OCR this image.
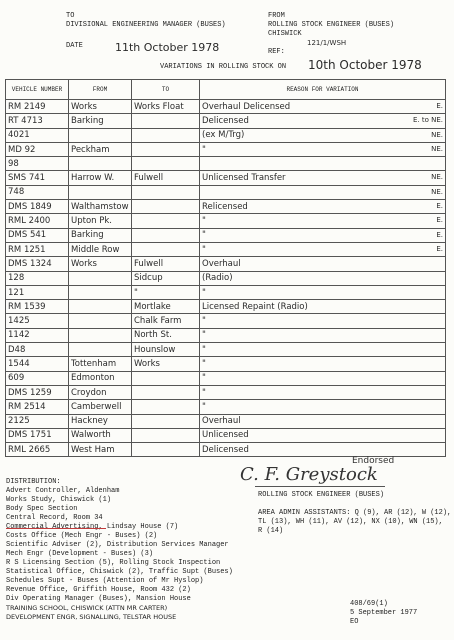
TO
DIVISIONAL ENGINEERING MANAGER (BUSES)
DATE	11th October 1978
FROM
ROLLING STOCK ENGINEER (BUSES)
CHISWICK
REF:
121/1/WSH
VARIATIONS IN ROLLING STOCK ON 10th October 1978
VEHICLE NUMBER	FROM	TO	REASON FOR VARIATION
RM 2149	Works	Works Float	Overhaul Delicensed E.

RT 4713	Barking		Delicensed E. to NE.

4021			(ex M/Trg) NE.

MD 92	Peckham		" NE.

98			
SMS 741	Harrow W.	Fulwell	Unlicensed Transfer NE.

748			NE.

DMS 1849	Walthamstow		Relicensed E.

RML 2400	Upton Pk.		" E.

DMS 541	Barking		" E.

RM 1251	Middle Row		" E.

DMS 1324	Works	Fulwell	Overhaul
128		Sidcup	(Radio)
121		"	"
RM 1539		Mortlake	Licensed Repaint (Radio)
1425		Chalk Farm	"
1142		North St.	"
D48		Hounslow	"
1544	Tottenham	Works	"
609	Edmonton		"
DMS 1259	Croydon		"
RM 2514	Camberwell		"
2125	Hackney		Overhaul
DMS 1751	Walworth		Unlicensed
RML 2665	West Ham		Delicensed
C. F. Greystock
Endorsed
ROLLING STOCK ENGINEER (BUSES)
DISTRIBUTION:
Advert Controller, Aldenham
Works Study, Chiswick (1)
Body Spec Section
Central Record, Room 34
Commercial Advertising, Lindsay House (7)
Costs Office (Mech Engr - Buses) (2)
Scientific Adviser (2), Distribution Services Manager
Mech Engr (Development - Buses) (3)
R S Licensing Section (5), Rolling Stock Inspection
Statistical Office, Chiswick (2), Traffic Supt (Buses)
Schedules Supt - Buses (Attention of Mr Hyslop)
Revenue Office, Griffith House, Room 432 (2)
Div Operating Manager (Buses), Mansion House
TRAINING SCHOOL, CHISWICK (ATTN MR CARTER)
DEVELOPMENT ENGR, SIGNALLING, TELSTAR HOUSE
AREA ADMIN ASSISTANTS: Q (9), AR (12), W (12),
TL (13), WH (11), AV (12), NX (10), WN (15),
R (14)
408/69(1)
5 September 1977
EO
